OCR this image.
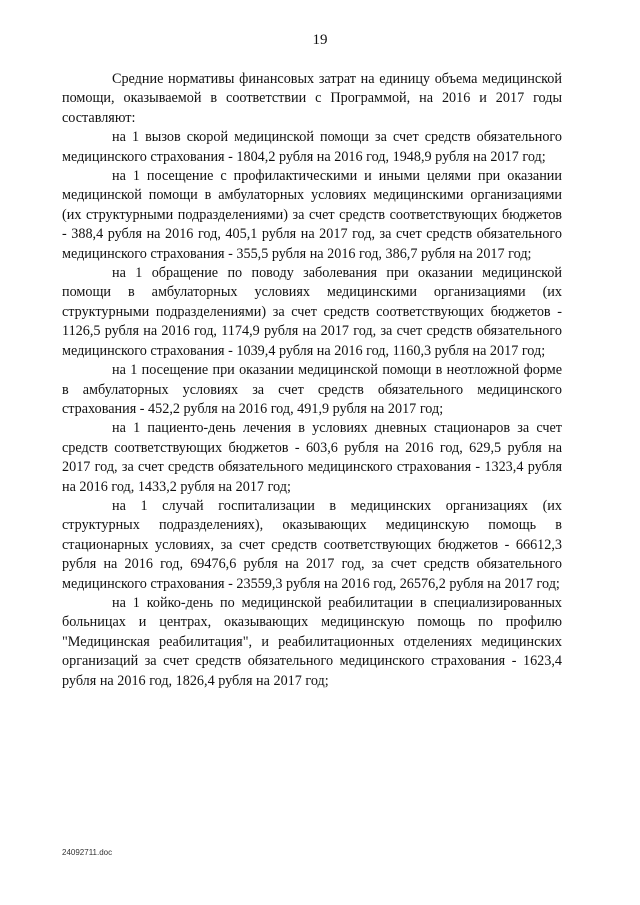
19

Средние нормативы финансовых затрат на единицу объема медицинской помощи, оказываемой в соответствии с Программой, на 2016 и 2017 годы составляют:

на 1 вызов скорой медицинской помощи за счет средств обязательного медицинского страхования - 1804,2 рубля на 2016 год, 1948,9 рубля на 2017 год;

на 1 посещение с профилактическими и иными целями при оказании медицинской помощи в амбулаторных условиях медицинскими организациями (их структурными подразделениями) за счет средств соответствующих бюджетов - 388,4 рубля на 2016 год, 405,1 рубля на 2017 год, за счет средств обязательного медицинского страхования - 355,5 рубля на 2016 год, 386,7 рубля на 2017 год;

на 1 обращение по поводу заболевания при оказании медицинской помощи в амбулаторных условиях медицинскими организациями (их структурными подразделениями) за счет средств соответствующих бюджетов - 1126,5 рубля на 2016 год, 1174,9 рубля на 2017 год, за счет средств обязательного медицинского страхования - 1039,4 рубля на 2016 год, 1160,3 рубля на 2017 год;

на 1 посещение при оказании медицинской помощи в неотложной форме в амбулаторных условиях за счет средств обязательного медицинского страхования - 452,2 рубля на 2016 год, 491,9 рубля на 2017 год;

на 1 пациенто-день лечения в условиях дневных стационаров за счет средств соответствующих бюджетов - 603,6 рубля на 2016 год, 629,5 рубля на 2017 год, за счет средств обязательного медицинского страхования - 1323,4 рубля на 2016 год, 1433,2 рубля на 2017 год;

на 1 случай госпитализации в медицинских организациях (их структурных подразделениях), оказывающих медицинскую помощь в стационарных условиях, за счет средств соответствующих бюджетов - 66612,3 рубля на 2016 год, 69476,6 рубля на 2017 год, за счет средств обязательного медицинского страхования - 23559,3 рубля на 2016 год, 26576,2 рубля на 2017 год;

на 1 койко-день по медицинской реабилитации в специализированных больницах и центрах, оказывающих медицинскую помощь по профилю "Медицинская реабилитация", и реабилитационных отделениях медицинских организаций за счет средств обязательного медицинского страхования - 1623,4 рубля на 2016 год, 1826,4 рубля на 2017 год;

24092711.doc
